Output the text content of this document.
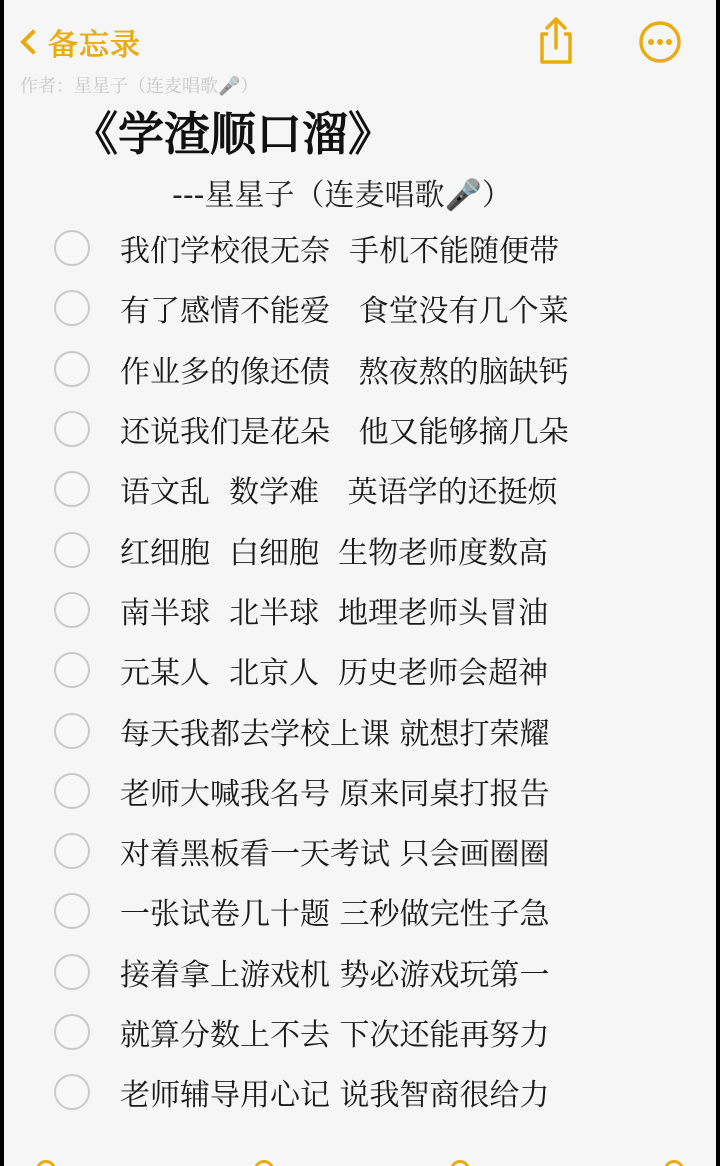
备忘录
作者：星星子（连麦唱歌🎤）
《学渣顺口溜》
---星星子（连麦唱歌🎤）
我们学校很无奈  手机不能随便带
有了感情不能爱   食堂没有几个菜
作业多的像还债   熬夜熬的脑缺钙
还说我们是花朵   他又能够摘几朵
语文乱  数学难   英语学的还挺烦
红细胞  白细胞  生物老师度数高
南半球  北半球  地理老师头冒油
元某人  北京人  历史老师会超神
每天我都去学校上课 就想打荣耀
老师大喊我名号 原来同桌打报告
对着黑板看一天考试 只会画圈圈
一张试卷几十题 三秒做完性子急
接着拿上游戏机 势必游戏玩第一
就算分数上不去 下次还能再努力
老师辅导用心记 说我智商很给力
